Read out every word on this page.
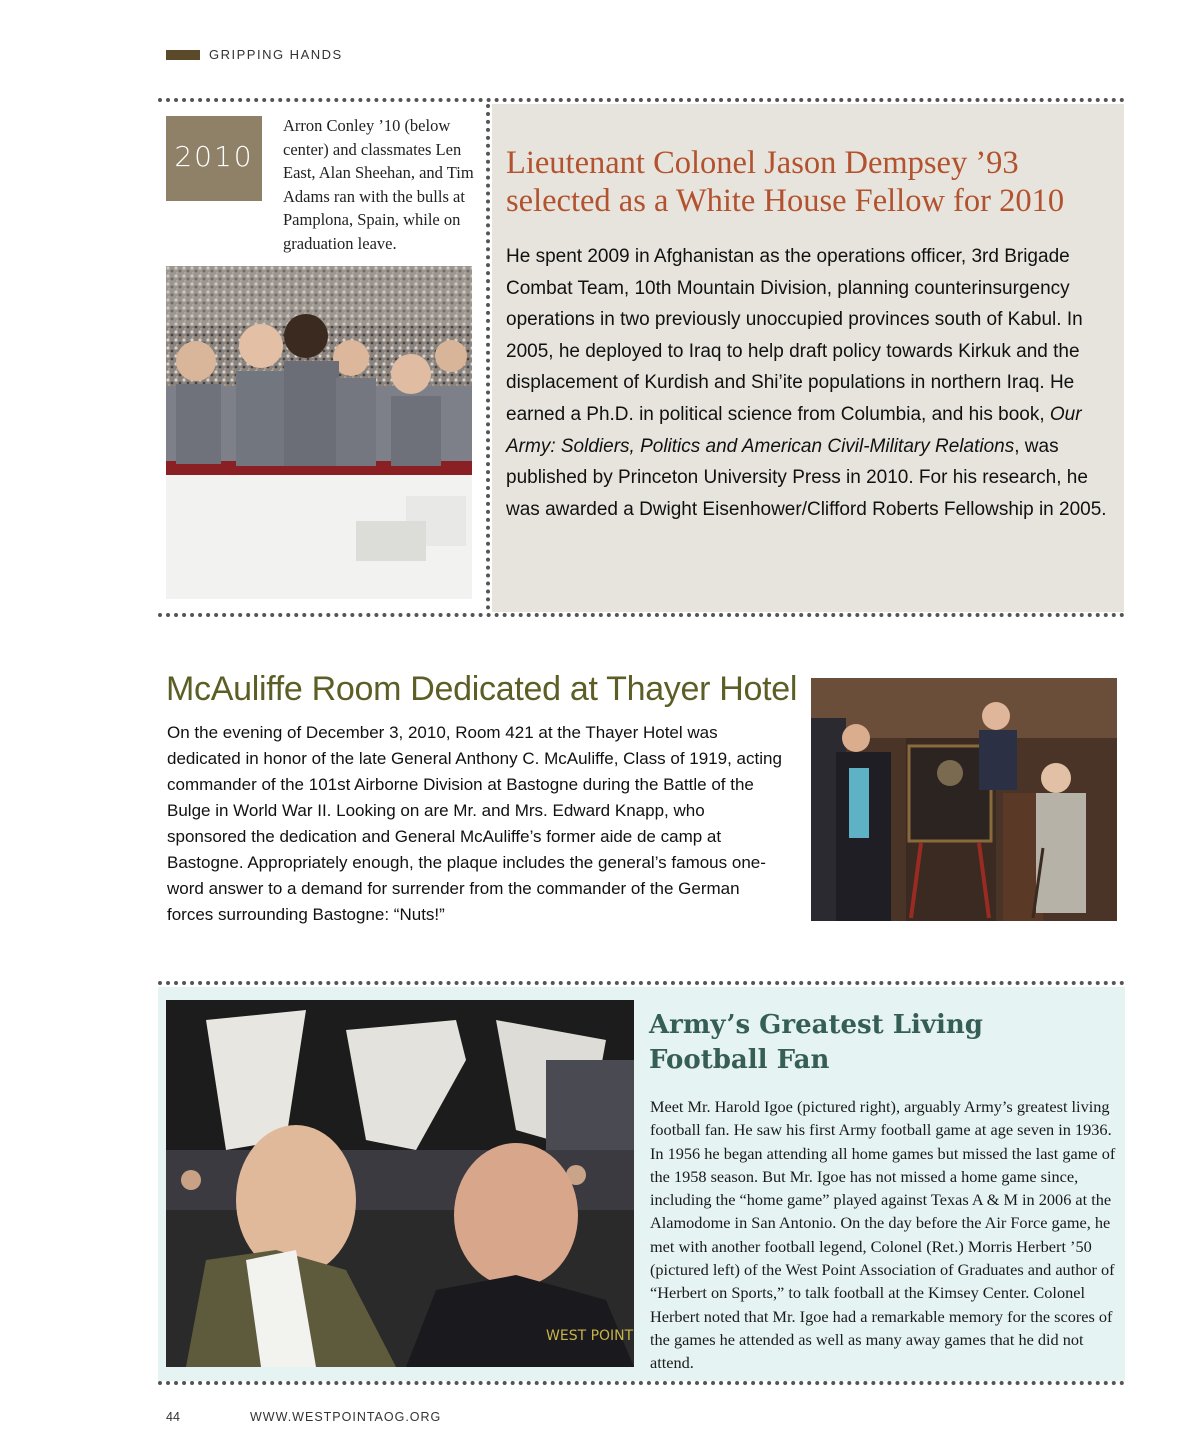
GRIPPING HANDS
2010
Arron Conley ’10 (below center) and classmates Len East, Alan Sheehan, and Tim Adams ran with the bulls at Pamplona, Spain, while on graduation leave.
Lieutenant Colonel Jason Dempsey ’93 selected as a White House Fellow for 2010
He spent 2009 in Afghanistan as the operations officer, 3rd Brigade Combat Team, 10th Mountain Division, planning counterinsurgency operations in two previously unoccupied provinces south of Kabul. In 2005, he deployed to Iraq to help draft policy towards Kirkuk and the displacement of Kurdish and Shi’ite populations in northern Iraq. He earned a Ph.D. in political science from Columbia, and his book, Our Army: Soldiers, Politics and American Civil-Military Relations, was published by Princeton University Press in 2010. For his research, he was awarded a Dwight Eisenhower/Clifford Roberts Fellowship in 2005.
McAuliffe Room Dedicated at Thayer Hotel
On the evening of December 3, 2010, Room 421 at the Thayer Hotel was dedicated in honor of the late General Anthony C. McAuliffe, Class of 1919, acting commander of the 101st Airborne Division at Bastogne during the Battle of the Bulge in World War II. Looking on are Mr. and Mrs. Edward Knapp, who sponsored the dedication and General McAuliffe’s former aide de camp at Bastogne. Appropriately enough, the plaque includes the general’s famous one-word answer to a demand for surrender from the commander of the German forces surrounding Bastogne: “Nuts!”
WEST POINT
Army’s Greatest Living Football Fan
Meet Mr. Harold Igoe (pictured right), arguably Army’s greatest living football fan. He saw his first Army football game at age seven in 1936. In 1956 he began attending all home games but missed the last game of the 1958 season. But Mr. Igoe has not missed a home game since, including the “home game” played against Texas A & M in 2006 at the Alamodome in San Antonio. On the day before the Air Force game, he met with another football legend, Colonel (Ret.) Morris Herbert ’50 (pictured left) of the West Point Association of Graduates and author of “Herbert on Sports,” to talk football at the Kimsey Center. Colonel Herbert noted that Mr. Igoe had a remarkable memory for the scores of the games he attended as well as many away games that he did not attend.
44	WWW.WESTPOINTAOG.ORG
